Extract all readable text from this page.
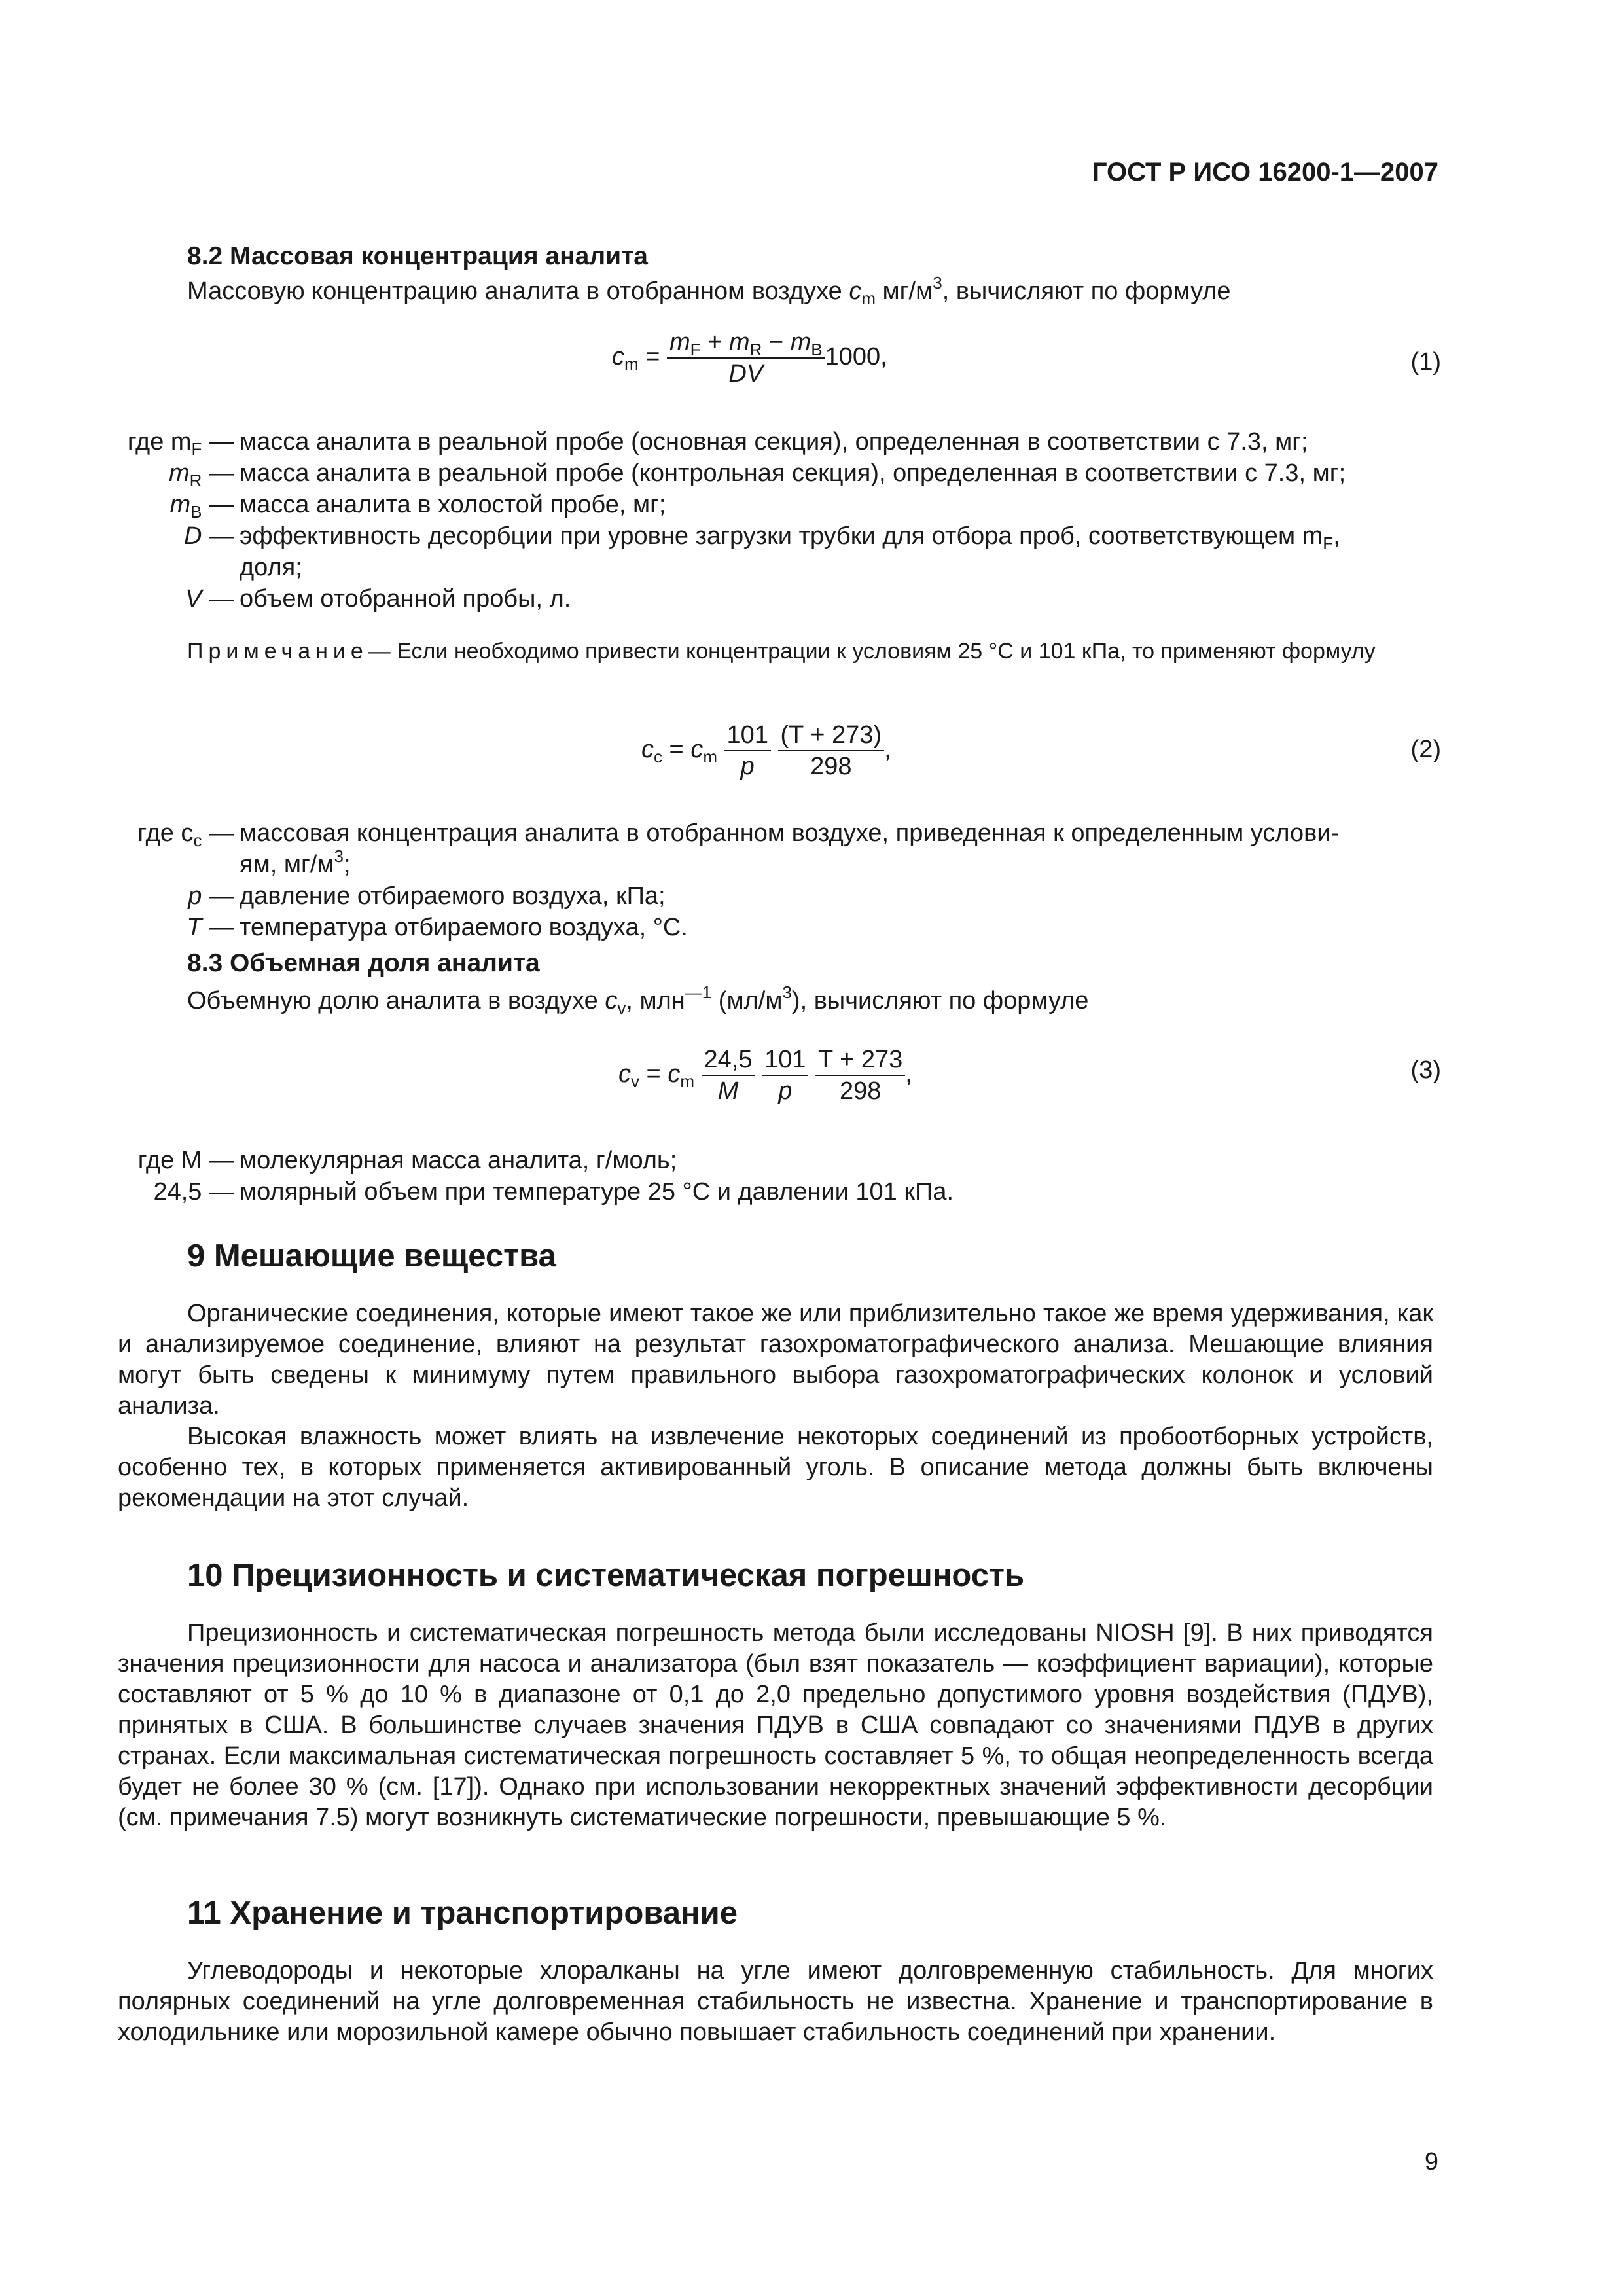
ГОСТ Р ИСО 16200-1—2007
8.2 Массовая концентрация аналита
Массовую концентрацию аналита в отобранном воздухе $c_m$ $мг/м^3$, вычисляют по формуле
$c_m = \frac{m_F + m_R - m_B}{DV} 1000$,	(1)
где $m_F$ — масса аналита в реальной пробе (основная секция), определенная в соответствии с 7.3, мг;
$m_R$ — масса аналита в реальной пробе (контрольная секция), определенная в соответствии с 7.3, мг;
$m_B$ — масса аналита в холостой пробе, мг;
D — эффективность десорбции при уровне загрузки трубки для отбора проб, соответствующем $m_F$,
доля;
V — объем отобранной пробы, л.
Примечание— Если необходимо привести концентрации к условиям 25 °С и 101 кПа, то применяют формулу
$c_c = c_m \frac{101}{p}$
$\frac{(T + 273)}{298}$ ,	(2)
где $c_c$ — массовая концентрация аналита в отобранном воздухе, приведенная к определенным услови-
ям, $мг/м^3$;
p — давление отбираемого воздуха, кПа;
T — температура отбираемого воздуха, °С.
8.3 Объемная доля аналита
Объемную долю аналита в воздухе $c_v$, млн$^{—1}$ $(мл/м^3)$, вычисляют по формуле
$c_v = c_m \frac{24,5}{M}$
$\frac{101}{p}$
$\frac{T + 273}{298}$ ,	(3)
где M — молекулярная масса аналита, г/моль;
24,5 — молярный объем при температуре 25 °С и давлении 101 кПа.
9 Мешающие вещества

Органические соединения, которые имеют такое же или приблизительно такое же время удерживания, как и анализируемое соединение, влияют на результат газохроматографического анализа. Мешающие влияния могут быть сведены к минимуму путем правильного выбора газохроматографических колонок и условий анализа.

Высокая влажность может влиять на извлечение некоторых соединений из пробоотборных устройств, особенно тех, в которых применяется активированный уголь. В описание метода должны быть включены рекомендации на этот случай.

10 Прецизионность и систематическая погрешность

Прецизионность и систематическая погрешность метода были исследованы NIOSH [9]. В них приводятся значения прецизионности для насоса и анализатора (был взят показатель — коэффициент вариации), которые составляют от 5 % до 10 % в диапазоне от 0,1 до 2,0 предельно допустимого уровня воздействия (ПДУВ), принятых в США. В большинстве случаев значения ПДУВ в США совпадают со значениями ПДУВ в других странах. Если максимальная систематическая погрешность составляет 5 %, то общая неопределенность всегда будет не более 30 % (см. [17]). Однако при использовании некорректных значений эффективности десорбции (см. примечания 7.5) могут возникнуть систематические погрешности, превышающие 5 %.

11 Хранение и транспортирование

Углеводороды и некоторые хлоралканы на угле имеют долговременную стабильность. Для многих полярных соединений на угле долговременная стабильность не известна. Хранение и транспортирование в холодильнике или морозильной камере обычно повышает стабильность соединений при хранении.

9
